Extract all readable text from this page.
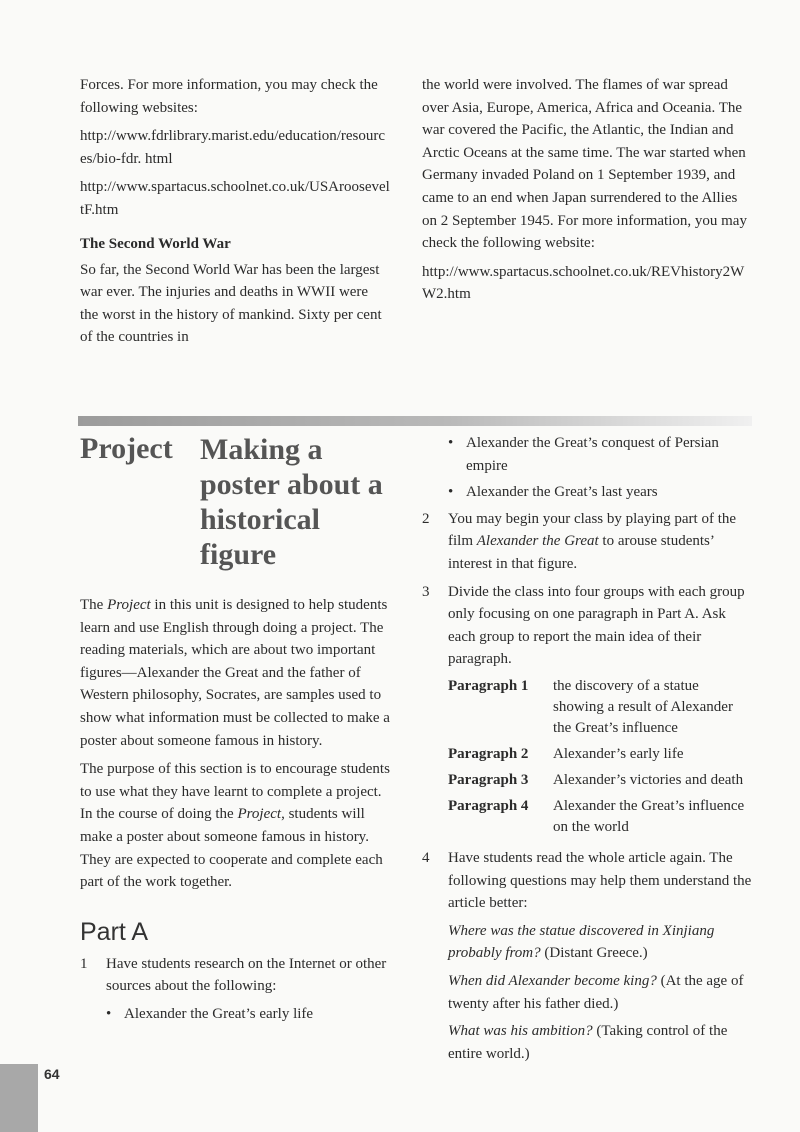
Forces. For more information, you may check the following websites:

http://www.fdrlibrary.marist.edu/education/resources/bio-fdr. html

http://www.spartacus.schoolnet.co.uk/USArooseveltF.htm

The Second World War

So far, the Second World War has been the largest war ever. The injuries and deaths in WWII were the worst in the history of mankind. Sixty per cent of the countries in

the world were involved. The flames of war spread over Asia, Europe, America, Africa and Oceania. The war covered the Pacific, the Atlantic, the Indian and Arctic Oceans at the same time. The war started when Germany invaded Poland on 1 September 1939, and came to an end when Japan surrendered to the Allies on 2 September 1945. For more information, you may check the following website:

http://www.spartacus.schoolnet.co.uk/REVhistory2WW2.htm

Project Making a poster about a historical figure

The Project in this unit is designed to help students learn and use English through doing a project. The reading materials, which are about two important figures—Alexander the Great and the father of Western philosophy, Socrates, are samples used to show what information must be collected to make a poster about someone famous in history.

The purpose of this section is to encourage students to use what they have learnt to complete a project. In the course of doing the Project, students will make a poster about someone famous in history. They are expected to cooperate and complete each part of the work together.

Part A
1	Have students research on the Internet or other sources about the following:
• Alexander the Great’s early life
• Alexander the Great’s conquest of Persian empire
• Alexander the Great’s last years
2	You may begin your class by playing part of the film Alexander the Great to arouse students’ interest in that figure.
3	Divide the class into four groups with each group only focusing on one paragraph in Part A. Ask each group to report the main idea of their paragraph.
Paragraph 1	the discovery of a statue showing a result of Alexander the Great’s influence
Paragraph 2	Alexander’s early life
Paragraph 3	Alexander’s victories and death
Paragraph 4	Alexander the Great’s influence on the world
4	Have students read the whole article again. The following questions may help them understand the article better:

Where was the statue discovered in Xinjiang probably from? (Distant Greece.)

When did Alexander become king? (At the age of twenty after his father died.)

What was his ambition? (Taking control of the entire world.)

64
